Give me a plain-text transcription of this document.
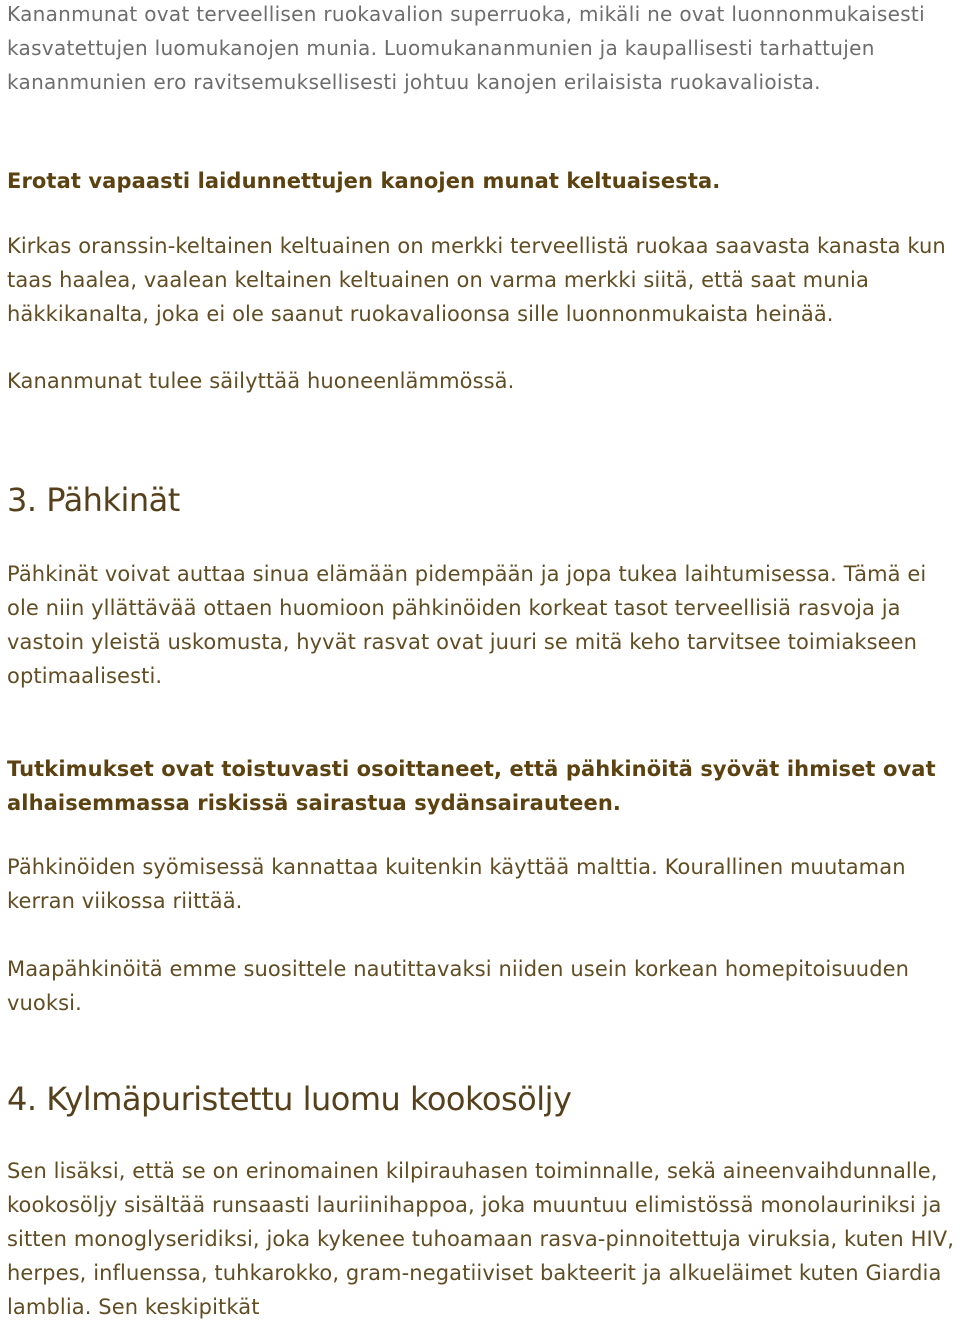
Kananmunat ovat terveellisen ruokavalion superruoka, mikäli ne ovat luonnonmukaisesti kasvatettujen luomukanojen munia. Luomukananmunien ja kaupallisesti tarhattujen kananmunien ero ravitsemuksellisesti johtuu kanojen erilaisista ruokavalioista.

Erotat vapaasti laidunnettujen kanojen munat keltuaisesta.

Kirkas oranssin-keltainen keltuainen on merkki terveellistä ruokaa saavasta kanasta kun taas haalea, vaalean keltainen keltuainen on varma merkki siitä, että saat munia häkkikanalta, joka ei ole saanut ruokavalioonsa sille luonnonmukaista heinää.

Kananmunat tulee säilyttää huoneenlämmössä.

3. Pähkinät

Pähkinät voivat auttaa sinua elämään pidempään ja jopa tukea laihtumisessa. Tämä ei ole niin yllättävää ottaen huomioon pähkinöiden korkeat tasot terveellisiä rasvoja ja vastoin yleistä uskomusta, hyvät rasvat ovat juuri se mitä keho tarvitsee toimiakseen optimaalisesti.

Tutkimukset ovat toistuvasti osoittaneet, että pähkinöitä syövät ihmiset ovat alhaisemmassa riskissä sairastua sydänsairauteen.

Pähkinöiden syömisessä kannattaa kuitenkin käyttää malttia. Kourallinen muutaman kerran viikossa riittää.

Maapähkinöitä emme suosittele nautittavaksi niiden usein korkean homepitoisuuden vuoksi.

4. Kylmäpuristettu luomu kookosöljy

Sen lisäksi, että se on erinomainen kilpirauhasen toiminnalle, sekä aineenvaihdunnalle, kookosöljy sisältää runsaasti lauriinihappoa, joka muuntuu elimistössä monolauriniksi ja sitten monoglyseridiksi, joka kykenee tuhoamaan rasva-pinnoitettuja viruksia, kuten HIV, herpes, influenssa, tuhkarokko, gram-negatiiviset bakteerit ja alkueläimet kuten Giardia lamblia. Sen keskipitkät
